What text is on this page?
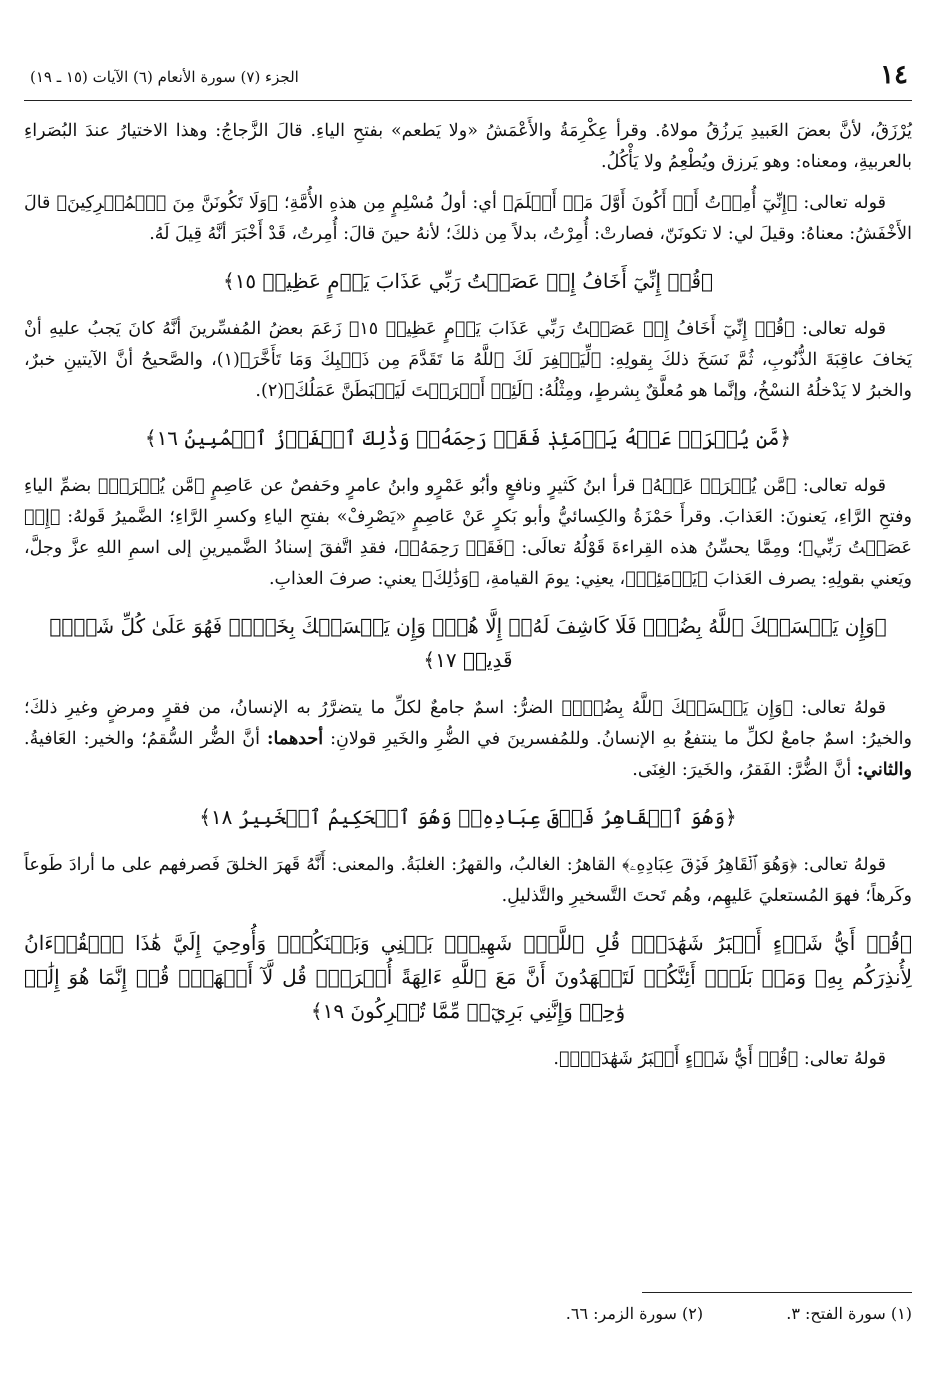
١٤
الجزء (٧) سورة الأنعام (٦) الآيات (١٥ ـ ١٩)

يُرْزَقُ، لأنَّ بعضَ العَبيدِ يَرزُقُ مولاهُ. وقرأ عِكْرِمَةُ والأَعْمَشُ «ولا يَطعم» بفتحِ الياءِ. قالَ الزَّجاجُ: وهذا الاختيارُ عندَ البُصَراءِ بالعربيةِ، ومعناه: وهو يَرزق ويُطْعِمُ ولا يَأْكُلُ.

قوله تعالى: ﴿إِنِّيٓ أُمِرۡتُ أَنۡ أَكُونَ أَوَّلَ مَنۡ أَسۡلَمَ﴾ أي: أولُ مُسْلِمٍ مِن هذهِ الأُمَّةِ؛ ﴿وَلَا تَكُونَنَّ مِنَ ٱلۡمُشۡرِكِينَ﴾ قالَ الأَخْفَشُ: معناهُ: وقيلَ لي: لا تكونَنّ، فصارتْ: أُمِرْتُ، بدلاً مِن ذلكَ؛ لأنهُ حينَ قالَ: أُمِرتُ، قَدْ أَخْبَرَ أنَّهُ قِيلَ لَهُ.

﴿قُلۡ إِنِّيٓ أَخَافُ إِنۡ عَصَيۡتُ رَبِّي عَذَابَ يَوۡمٍ عَظِيمٖ ١٥﴾

قوله تعالى: ﴿قُلۡ إِنِّيٓ أَخَافُ إِنۡ عَصَيۡتُ رَبِّي عَذَابَ يَوۡمٍ عَظِيمٖ ١٥﴾ زَعَمَ بعضُ المُفسِّرينَ أنَّهُ كانَ يَجبُ عليهِ أنْ يَخافَ عاقِبَةَ الذُّنُوبِ، ثُمَّ نَسَخَ ذلكَ بِقولِهِ: ﴿لِّيَغۡفِرَ لَكَ ٱللَّهُ مَا تَقَدَّمَ مِن ذَنۢبِكَ وَمَا تَأَخَّرَ﴾(١)، والصَّحيحُ أنَّ الآيتينِ خبرٌ، والخبرُ لا يَدْخلُهُ النسْخُ، وإنَّما هو مُعلَّقٌ بِشرطٍ، ومِثْلُهُ: ﴿لَئِنۡ أَشۡرَكۡتَ لَيَحۡبَطَنَّ عَمَلُكَ﴾(٢).

﴿مَّن يُصۡرَفۡ عَنۡهُ يَوۡمَئِذٖ فَقَدۡ رَحِمَهُۥۚ وَذَٰلِكَ ٱلۡفَوۡزُ ٱلۡمُبِينُ ١٦﴾

قوله تعالى: ﴿مَّن يُصۡرَفۡ عَنۡهُ﴾ قرأ ابنُ كَثيرٍ ونافعٍ وأبُو عَمْرٍو وابنُ عامرٍ وحَفصٌ عن عَاصِمٍ ﴿مَّن يُصۡرَفۡ﴾ بضمِّ الياءِ وفتحِ الرَّاءِ، يَعنونَ: العَذابَ. وقرأَ حَمْزَةُ والكِسائيُّ وأبو بَكرٍ عَنْ عَاصِمٍ «يَصْرِفْ» بفتحِ الياءِ وكسرِ الرَّاءِ؛ الضَّميرُ قَولهُ: ﴿إِنۡ عَصَيۡتُ رَبِّي﴾؛ ومِمَّا يحسِّنُ هذه القِراءةَ قَوْلُهُ تعالَى: ﴿فَقَدۡ رَحِمَهُۥ﴾، فقدِ اتَّفقَ إسنادُ الضَّميرينِ إلى اسمِ اللهِ عزَّ وجلَّ، ويَعني بقولِهِ: يصرف العَذابَ ﴿يَوۡمَئِذٖ﴾، يعنِي: يومَ القيامةِ، ﴿وَذَٰلِكَ﴾ يعني: صرفَ العذابِ.

﴿وَإِن يَمۡسَسۡكَ ٱللَّهُ بِضُرّٖ فَلَا كَاشِفَ لَهُۥٓ إِلَّا هُوَۖ وَإِن يَمۡسَسۡكَ بِخَيۡرٖ فَهُوَ عَلَىٰ كُلِّ شَيۡءٖ قَدِيرٞ ١٧﴾

قولهُ تعالى: ﴿وَإِن يَمۡسَسۡكَ ٱللَّهُ بِضُرّٖ﴾ الضرُّ: اسمٌ جامعٌ لكلِّ ما يتضرَّرُ به الإنسانُ، من فقرٍ ومرضٍ وغيرِ ذلكَ؛ والخيرُ: اسمٌ جامعٌ لكلِّ ما ينتفعُ بهِ الإنسانُ. وللمُفسرينَ في الضُّرِ والخَيرِ قولانِ: أحدهما: أنَّ الضُّر السُّقمُ؛ والخير: العَافيةُ. والثاني: أنَّ الضُّرَّ: الفَقرُ، والخَيرَ: الغِنَى.

﴿وَهُوَ ٱلۡقَاهِرُ فَوۡقَ عِبَادِهِۦۚ وَهُوَ ٱلۡحَكِيمُ ٱلۡخَبِيرُ ١٨﴾

قولهُ تعالى: ﴿وَهُوَ ٱلۡقَاهِرُ فَوۡقَ عِبَادِهِۦ﴾ القاهرُ: الغالبُ، والقهرُ: الغلبَةُ. والمعنى: أَنَّهُ قَهرَ الخلقَ فَصرفهم على ما أرادَ طَوعاً وكَرهاً؛ فهوَ المُستعليَ عَليهِم، وهُم تَحتَ التَّسخيرِ والتَّذليلِ.

﴿قُلۡ أَيُّ شَيۡءٍ أَكۡبَرُ شَهَٰدَةٗۖ قُلِ ٱللَّهُۖ شَهِيدُۢ بَيۡنِي وَبَيۡنَكُمۡۚ وَأُوحِيَ إِلَيَّ هَٰذَا ٱلۡقُرۡءَانُ لِأُنذِرَكُم بِهِۦ وَمَنۢ بَلَغَۚ أَئِنَّكُمۡ لَتَشۡهَدُونَ أَنَّ مَعَ ٱللَّهِ ءَالِهَةً أُخۡرَىٰۚ قُل لَّآ أَشۡهَدُۚ قُلۡ إِنَّمَا هُوَ إِلَٰهٞ وَٰحِدٞ وَإِنَّنِي بَرِيٓءٞ مِّمَّا تُشۡرِكُونَ ١٩﴾

قولهُ تعالى: ﴿قُلۡ أَيُّ شَيۡءٍ أَكۡبَرُ شَهَٰدَةٗۖ﴾.

(١) سورة الفتح: ٣. (٢) سورة الزمر: ٦٦.
